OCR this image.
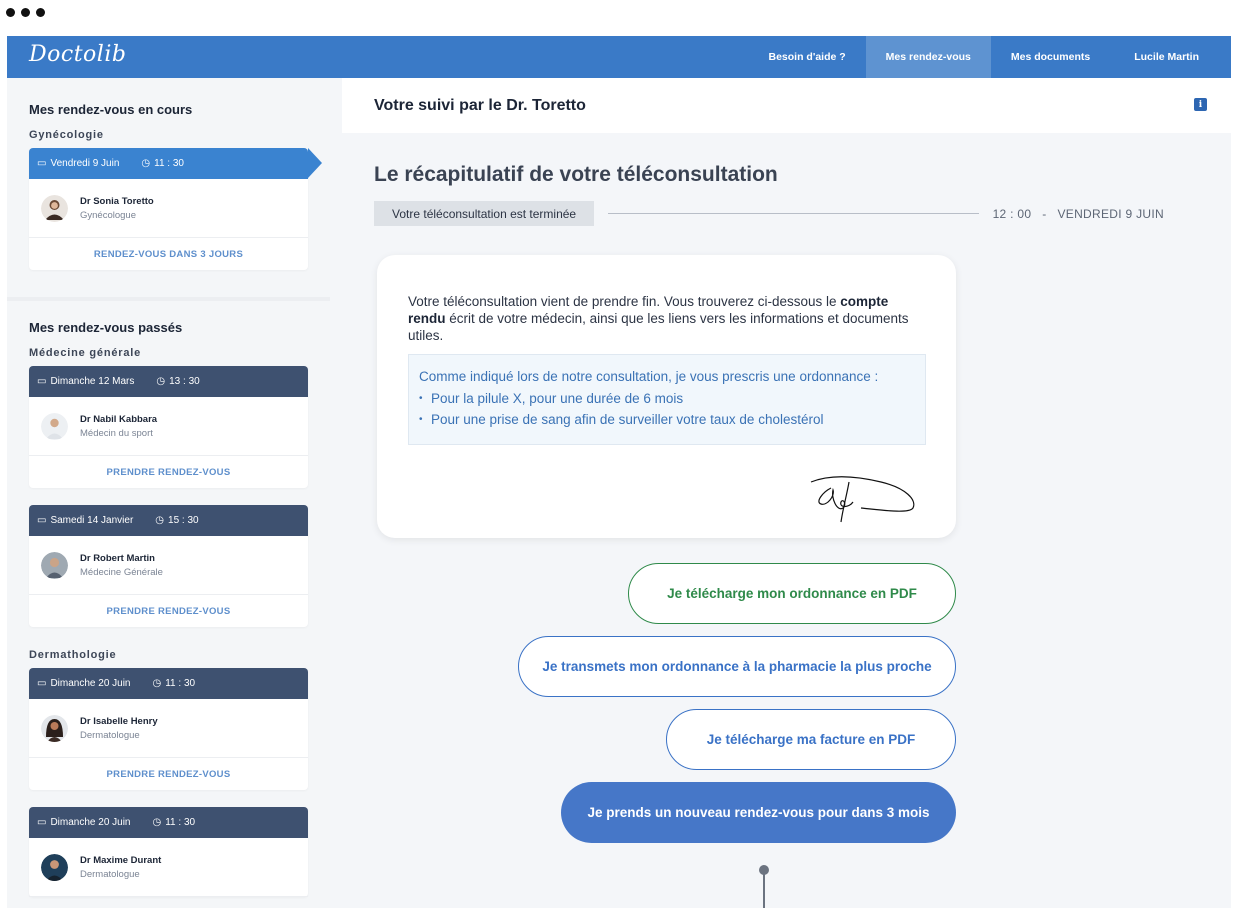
Doctolib	Besoin d'aide ?	Mes rendez-vous	Mes documents	Lucile Martin
Mes rendez-vous en cours
Gynécologie
▭ Vendredi 9 Juin ◷ 11 : 30
Dr Sonia Toretto
Gynécologue
RENDEZ-VOUS DANS 3 JOURS
Mes rendez-vous passés
Médecine générale
▭ Dimanche 12 Mars ◷ 13 : 30
Dr Nabil Kabbara
Médecin du sport
PRENDRE RENDEZ-VOUS
▭ Samedi 14 Janvier ◷ 15 : 30
Dr Robert Martin
Médecine Générale
PRENDRE RENDEZ-VOUS
Dermathologie
▭ Dimanche 20 Juin ◷ 11 : 30
Dr Isabelle Henry
Dermatologue
PRENDRE RENDEZ-VOUS
▭ Dimanche 20 Juin ◷ 11 : 30
Dr Maxime Durant
Dermatologue
Votre suivi par le Dr. Toretto	i
Le récapitulatif de votre téléconsultation
Votre téléconsultation est terminée	12 : 00   -   VENDREDI 9 JUIN

Votre téléconsultation vient de prendre fin. Vous trouverez ci-dessous le compte rendu écrit de votre médecin, ainsi que les liens vers les informations et documents utiles.

Comme indiqué lors de notre consultation, je vous prescris une ordonnance :
• Pour la pilule X, pour une durée de 6 mois
• Pour une prise de sang afin de surveiller votre taux de cholestérol
Je télécharge mon ordonnance en PDF
Je transmets mon ordonnance à la pharmacie la plus proche
Je télécharge ma facture en PDF
Je prends un nouveau rendez-vous pour dans 3 mois
